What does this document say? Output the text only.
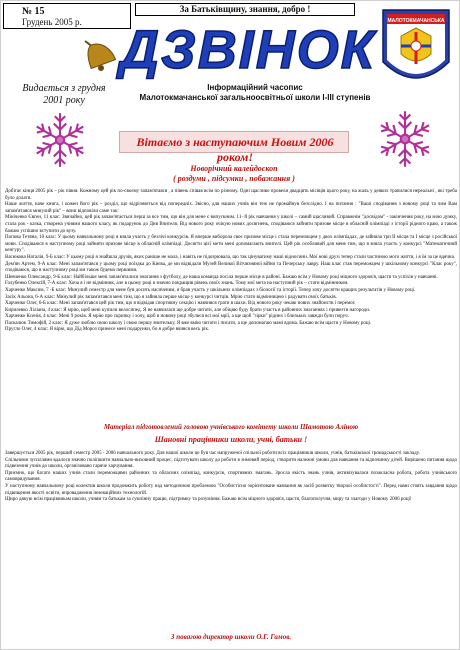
№ 15
Грудень 2005 р.
За Батьківщину, знання, добро !
ДЗВІНОК	МАЛОТОКМАЧАНСЬКА
Видається з грудня
2001 року
Інформаційний часопис
Малотокмачанської загальноосвітньої школи I-III ступенів
Вітаємо з наступаючим Новим 2006 роком!
Новорічний калейдоскоп
( роздуми , підсумки , побажання )

Добігає кінця 2005 рік – рік півня. Кожному цей рік по-своєму запам'ятався , а півень співав всім по різному. Одні щасливо провели двадцять місяців цього року, на жаль у деяких трапилися нереальні , які треба було долати.

Наше життя, наче книга, і кожен його рік – розділ, що відрізняється від попередніх. Звісно, для наших учнів він теж не промайнув безслідно. І на питання : "Ваші сподівання з новому році та чим Вам запам'ятався минулий рік" – вони відповіли саме так:

Мініченко Євген, 11 клас: Звичайно, цей рік запам'ятається перш за все тим, що він для мене є випускним. 11- й рік навчання у школі – самий щасливий. Справжнім "досвідом" - закінчення року, на мою думку, стала рок - казка, створена учнями нашого класу, як подарунок до Дня Вчителя. Від нового року очікую нових досягнень, сподіваюся зайняти призове місце в обласній олімпіаді з історії рідного краю, а також бажаю успішно вступити до вузу.

Попова Тетяна, 10 клас: У цьому навчальному році я взяла участь у безлічі конкурсів. Я вперше виборола своє призове місце і стала переможцем у двох олімпіадах, де зайняла три II місця та I місце з російської мови. Сподіваюся в наступному році зайняти призове місце в обласній олімпіаді. Досягти цієї мети мені допомагають вчителі. Цей рік особливий для мене тим, що я взяла участь у конкурсі "Математичний кенгуру".

Васюкова Наталія, 9-Б клас: У цьому році я знайшла друзів, яких раніше не мала, і навіть не підозрювала, що так цінуватиму наші відносини. Мої нові друзі тепер стали частиною мого життя, і я їм за це вдячна.

Дем'ян Артем, 9-А клас: Мені запам'ятався у цьому році поїздка до Києва, де ми відвідали Музей Великої Вітчизняної війни та Печерську лавру. Наш клас став переможцем у шкільному конкурсі "Клас року", сподіваюся, що в наступному році ми також будемо першими.

Шевченко Олександр, 9-Б клас: Найбільше мені запам'яталися змагання з футболу, де наша команда посіла перше місце в районі. Бажаю всім у Новому році міцного здоров'я, щастя та успіхів у навчанні.

Голубенко Олексій, 7-А клас: Хоча я і не відмінник, але в цьому році я значно покращив рівень своїх знань. Тому мої мета на наступний рік – стати відмінником.

Харченко Максим, 7 -Б клас: Минулий семестр для мене був досить насиченим, я брав участь у шкільних олімпіадах з біології та історії. Тепер хочу досягти кращих результатів у Новому році.

Засік Альона, 6-А клас: Минулий рік запам'ятався мені тим, що я зайняла перше місце у конкурсі читців. Мрію стати відмінницею і радувати своїх батьків.

Харченко Олег, 6-Б клас: Мені запам'ятався цей рік тим, що я відвідав спортивну секцію і навчився грати в шахи. Від нового року чекаю нових знайомств і перемог.

Кирилевко Ліліана, 4 клас: Я мрію, щоб мені купили велосипед. Я не навчилася ще добре читати, але обіцяю буду брати участь в районних змаганнях і привезти нагороди.

Харченко Ксенія, 4 клас: Мені 9 років. Я мрію про скрипку і хочу, щоб в новому році збулися всі мої мрії, а ще щоб "зірки" рідних і близьких завжди були поруч.

Паскалюк Тимофій, 2 клас: Я дуже люблю свою школу і свою першу вчительку. Я вже вмію читати і писати, а ще допомагаю мамі вдома. Бажаю всім щастя у Новому році.

Пругло Олег, 4 клас: Я вірю, що Дід Мороз принесе мені подарунки, бо я добре вчився весь рік.

Матеріал підготовлений головою учнівського комітету школи Шамотою Аліною
Шановні працівники школи, учні, батьки !

Завершується 2005 рік, перший семестр 2005 - 2006 навчального року. Для нашої школи це був час напруженої спільної роботи всіх працівників школи, учнів, батьківської громадськості закладу.

Спільними зусиллями вдалося значно поліпшити навчально-виховний процес, підготувати школу до роботи в зимовий період, створити належні умови для навчання та відпочинку дітей. Вирішено питання щодо підвезення учнів до школи, організовано гаряче харчування.

Приємно, що багато наших учнів стали переможцями районних та обласних олімпіад, конкурсів, спортивних змагань. Зросла якість знань учнів, активізувалася позакласна робота, робота учнівського самоврядування.

У наступному навчальному році колектив школи продовжить роботу над методичною проблемою "Особистісно зорієнтоване навчання як засіб розвитку творчої особистості". Перед нами стоять завдання щодо підвищення якості освіти, впровадження інноваційних технологій.

Щиро дякую всім працівникам школи, учням та батькам за сумлінну працю, підтримку та розуміння. Бажаю всім міцного здоров'я, щастя, благополуччя, миру та злагоди у Новому 2006 році!

З повагою директор школи О.Г. Гамов.
